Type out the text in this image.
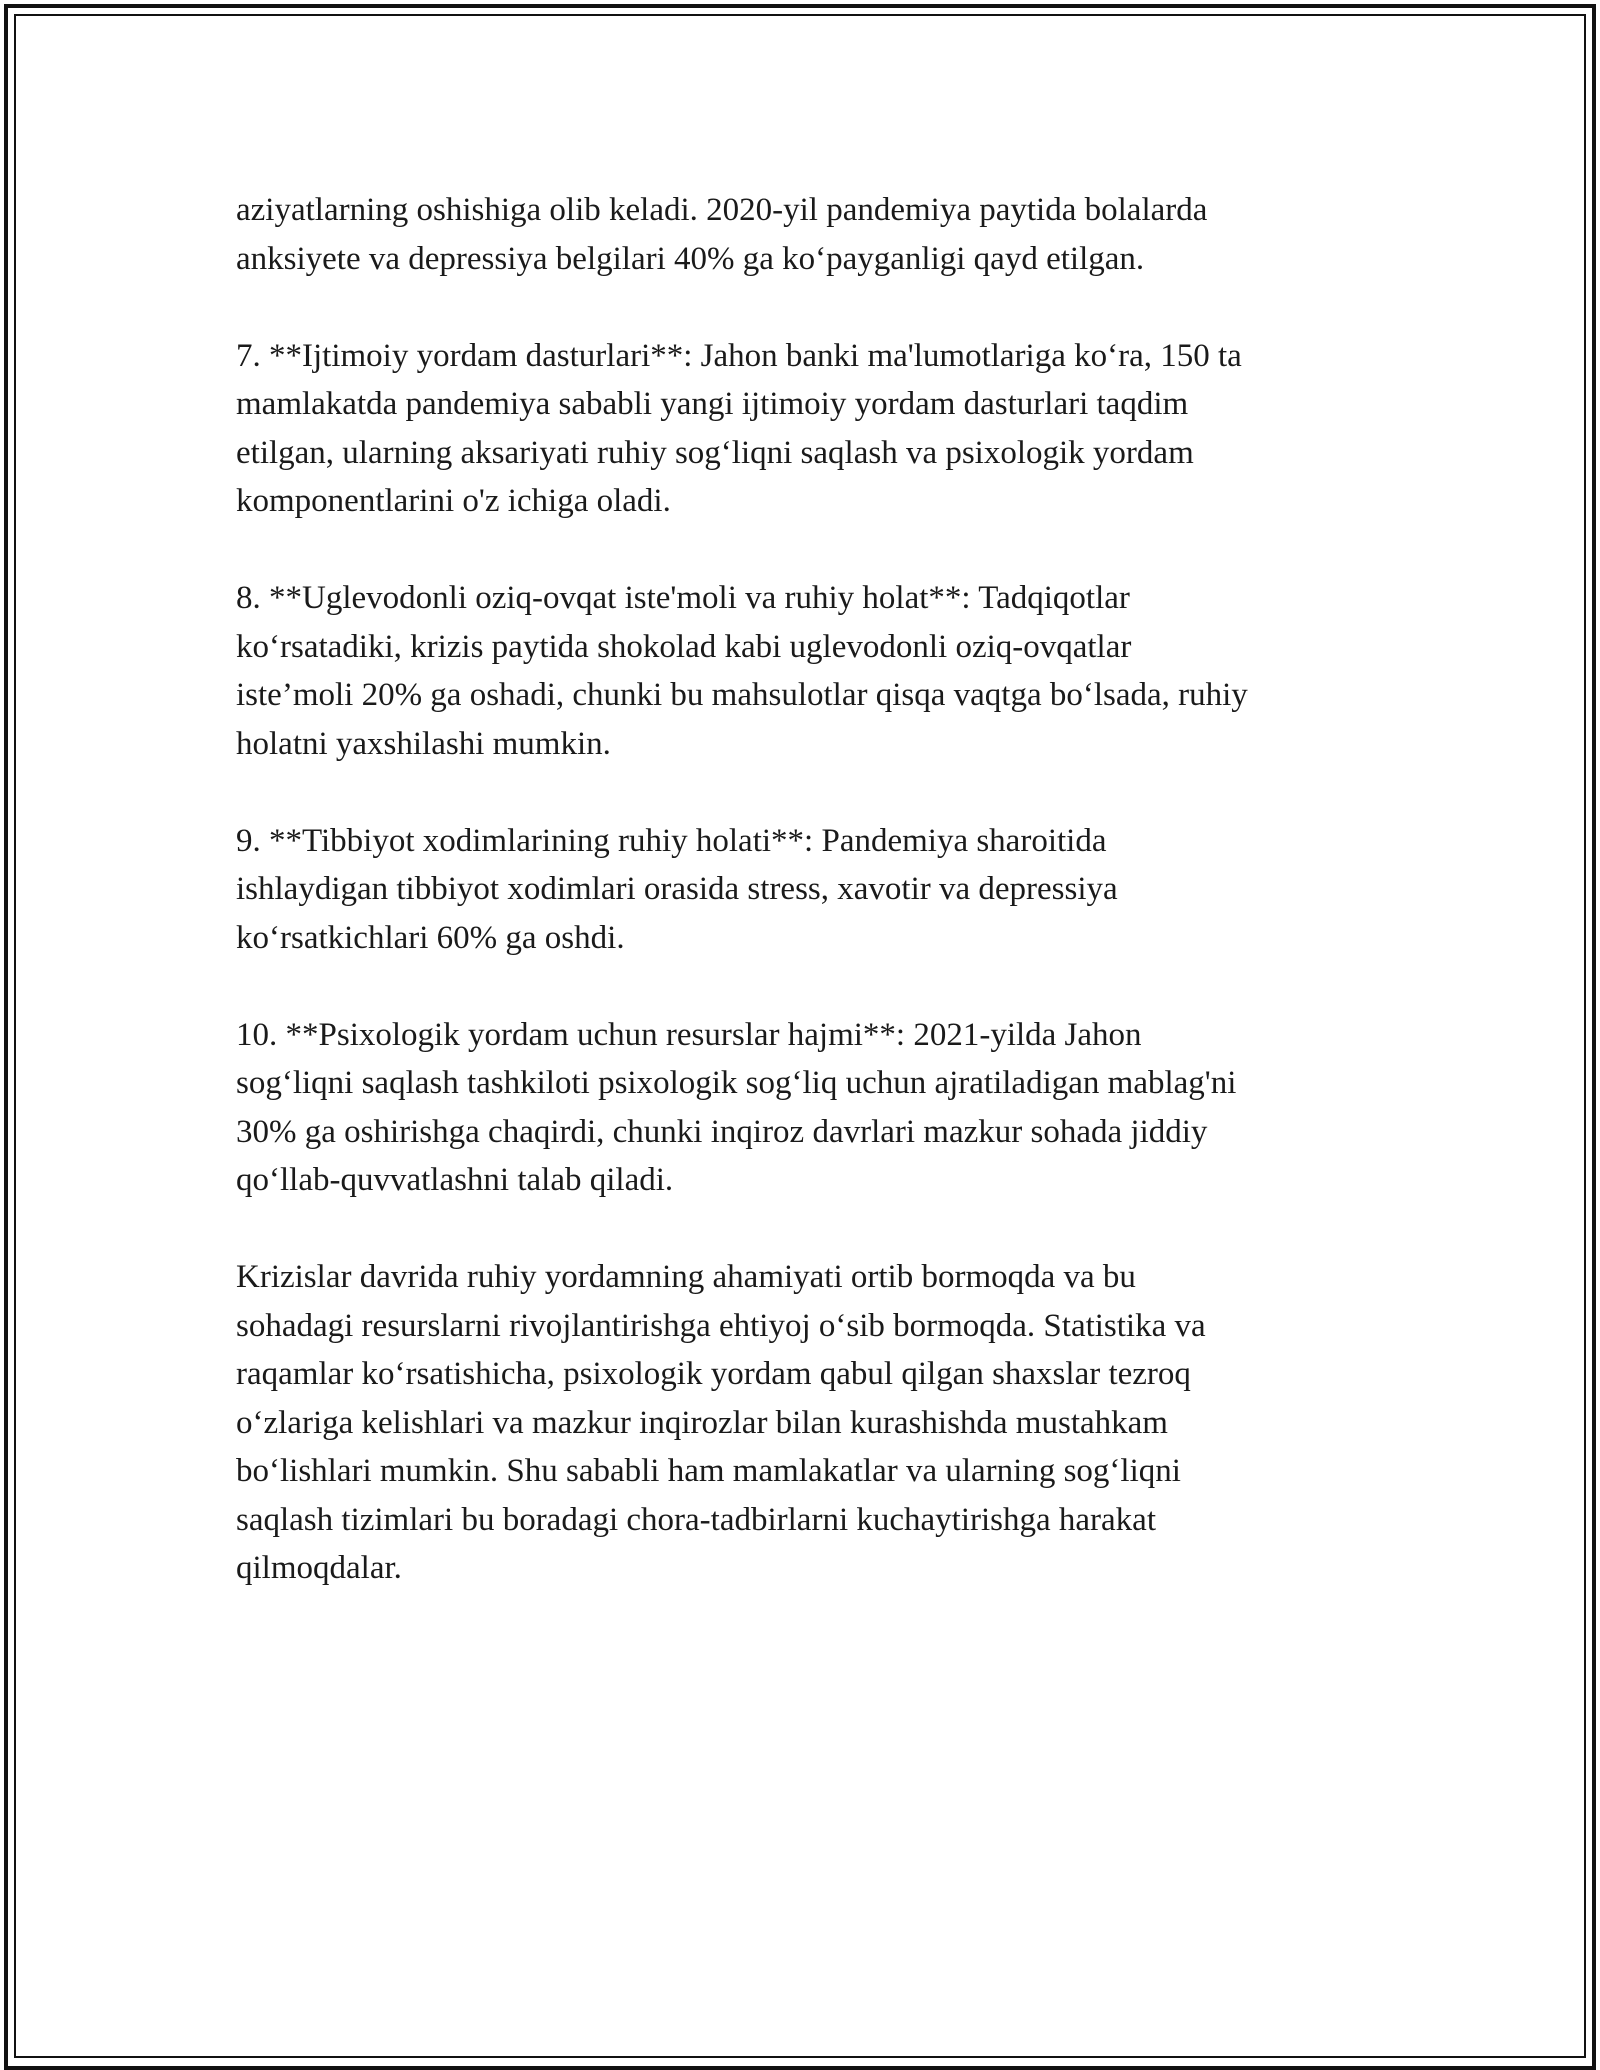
aziyatlarning oshishiga olib keladi. 2020-yil pandemiya paytida bolalarda
anksiyete va depressiya belgilari 40% ga ko‘payganligi qayd etilgan.

7. **Ijtimoiy yordam dasturlari**: Jahon banki ma'lumotlariga ko‘ra, 150 ta
mamlakatda pandemiya sababli yangi ijtimoiy yordam dasturlari taqdim
etilgan, ularning aksariyati ruhiy sog‘liqni saqlash va psixologik yordam
komponentlarini o'z ichiga oladi.

8. **Uglevodonli oziq-ovqat iste'moli va ruhiy holat**: Tadqiqotlar
ko‘rsatadiki, krizis paytida shokolad kabi uglevodonli oziq-ovqatlar
iste’moli 20% ga oshadi, chunki bu mahsulotlar qisqa vaqtga bo‘lsada, ruhiy
holatni yaxshilashi mumkin.

9. **Tibbiyot xodimlarining ruhiy holati**: Pandemiya sharoitida
ishlaydigan tibbiyot xodimlari orasida stress, xavotir va depressiya
ko‘rsatkichlari 60% ga oshdi.

10. **Psixologik yordam uchun resurslar hajmi**: 2021-yilda Jahon
sog‘liqni saqlash tashkiloti psixologik sog‘liq uchun ajratiladigan mablag'ni
30% ga oshirishga chaqirdi, chunki inqiroz davrlari mazkur sohada jiddiy
qo‘llab-quvvatlashni talab qiladi.

Krizislar davrida ruhiy yordamning ahamiyati ortib bormoqda va bu
sohadagi resurslarni rivojlantirishga ehtiyoj o‘sib bormoqda. Statistika va
raqamlar ko‘rsatishicha, psixologik yordam qabul qilgan shaxslar tezroq
o‘zlariga kelishlari va mazkur inqirozlar bilan kurashishda mustahkam
bo‘lishlari mumkin. Shu sababli ham mamlakatlar va ularning sog‘liqni
saqlash tizimlari bu boradagi chora-tadbirlarni kuchaytirishga harakat
qilmoqdalar.
